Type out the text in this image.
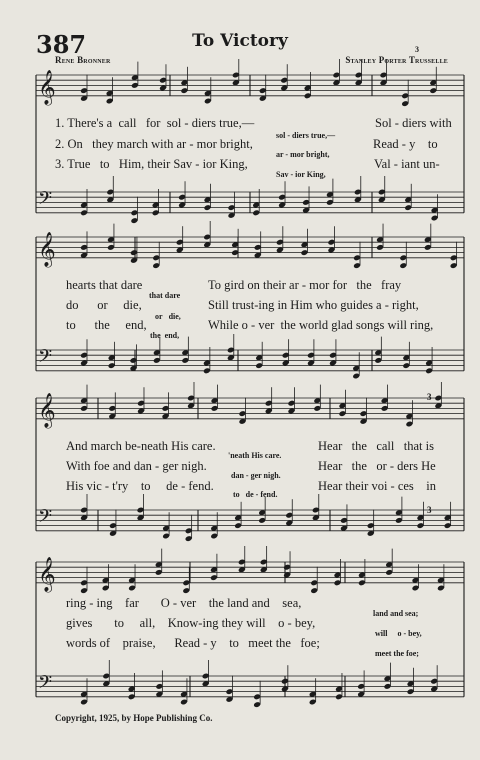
387	To Victory
Rene Bronner	Stanley Porter Trusselle
𝄞
𝄢
𝄞
𝄢
𝄞
𝄢
𝄞
𝄢
1. There's a call for sol - diers true,—	Sol - diers with
sol - diers true,—
2. On they march with ar - mor bright,	Read - y to
ar - mor bright,
3. True to Him, their Sav - ior King,	Val - iant un-
Sav - ior King,
hearts that dare	To gird on their ar - mor for the fray
that dare
do or die,	Still trust-ing in Him who guides a - right,
or die,
to the end,	While o - ver the world glad songs will ring,
the end,
And march be-neath His care.	Hear the call that is
'neath His care.
With foe and dan - ger nigh.	Hear the or - ders He
dan - ger nigh.
His vic - t'ry to de - fend.	Hear their voi - ces in
to de - fend.
ring - ing far O - ver the land and sea,
land and sea;
gives to all, Know-ing they will o - bey,
will o - bey,
words of praise, Read - y to meet the foe;
meet the foe;
3
3
3
Copyright, 1925, by Hope Publishing Co.
